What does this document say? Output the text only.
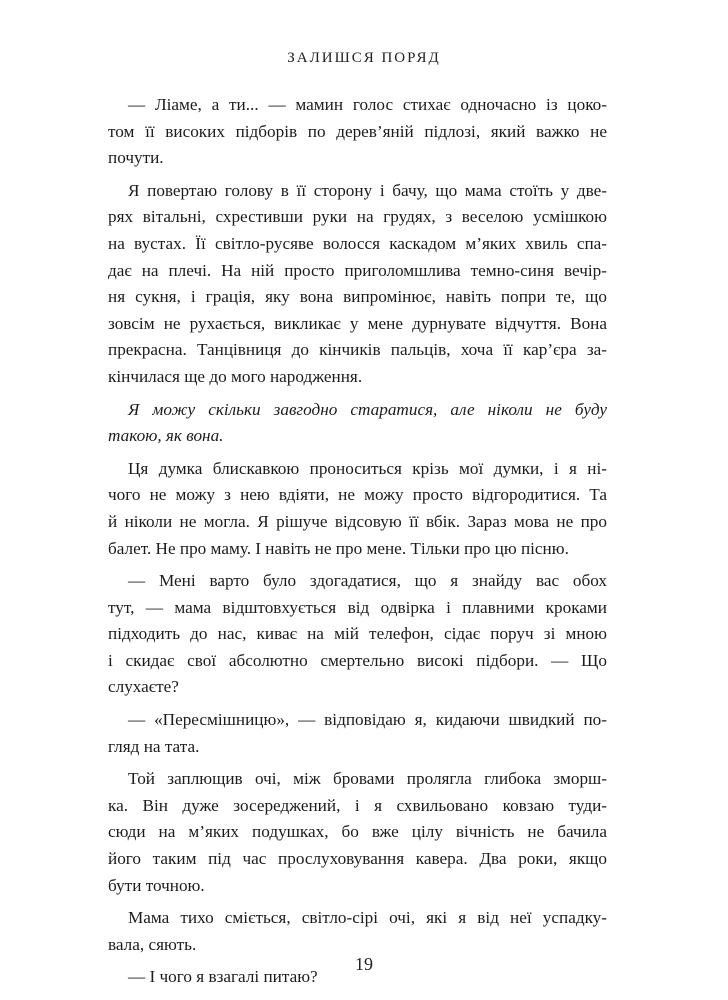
ЗАЛИШСЯ ПОРЯД
— Ліаме, а ти... — мамин голос стихає одночасно із цоко-
том її високих підборів по дерев’яній підлозі, який важко не
почути.
Я повертаю голову в її сторону і бачу, що мама стоїть у две-
рях вітальні, схрестивши руки на грудях, з веселою усмішкою
на вустах. Її світло-русяве волосся каскадом м’яких хвиль спа-
дає на плечі. На ній просто приголомшлива темно-синя вечір-
ня сукня, і грація, яку вона випромінює, навіть попри те, що
зовсім не рухається, викликає у мене дурнувате відчуття. Вона
прекрасна. Танцівниця до кінчиків пальців, хоча її кар’єра за-
кінчилася ще до мого народження.
Я можу скільки завгодно старатися, але ніколи не буду
такою, як вона.
Ця думка блискавкою проноситься крізь мої думки, і я ні-
чого не можу з нею вдіяти, не можу просто відгородитися. Та
й ніколи не могла. Я рішуче відсовую її вбік. Зараз мова не про
балет. Не про маму. І навіть не про мене. Тільки про цю пісню.
— Мені варто було здогадатися, що я знайду вас обох
тут, — мама відштовхується від одвірка і плавними кроками
підходить до нас, киває на мій телефон, сідає поруч зі мною
і скидає свої абсолютно смертельно високі підбори. — Що
слухаєте?
— «Пересмішницю», — відповідаю я, кидаючи швидкий по-
гляд на тата.
Той заплющив очі, між бровами пролягла глибока зморш-
ка. Він дуже зосереджений, і я схвильовано ковзаю туди-
сюди на м’яких подушках, бо вже цілу вічність не бачила
його таким під час прослуховування кавера. Два роки, якщо
бути точною.
Мама тихо сміється, світло-сірі очі, які я від неї успадку-
вала, сяють.
— І чого я взагалі питаю?
19
